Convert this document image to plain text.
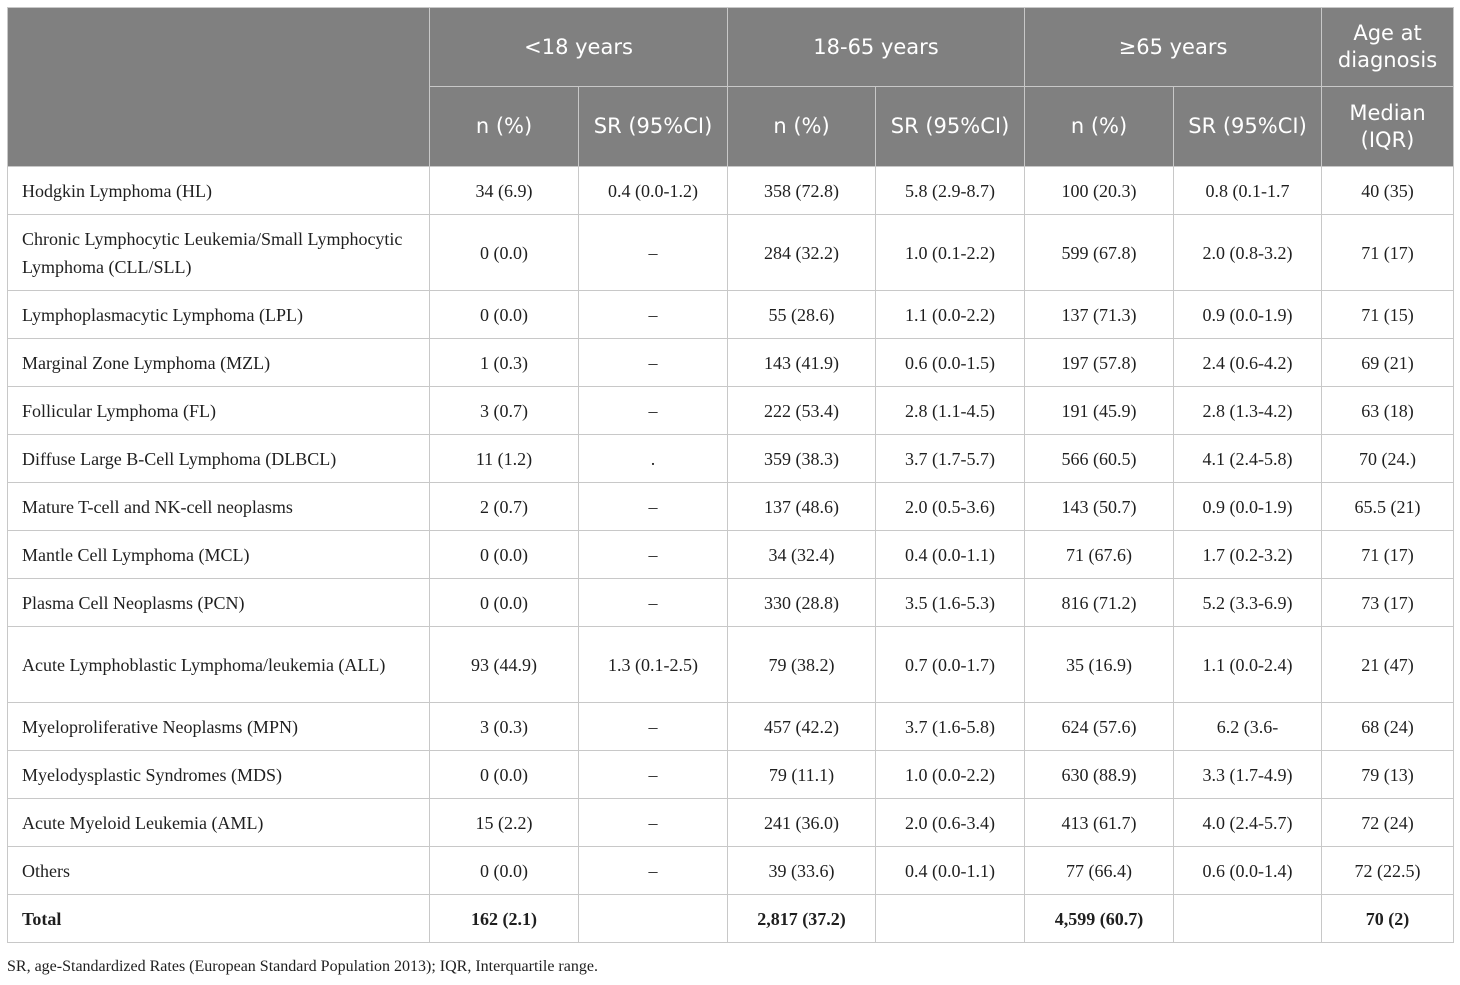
	<18 years		18-65 years		≥65 years		Age at diagnosis
	n (%)	SR (95%CI)	n (%)	SR (95%CI)	n (%)	SR (95%CI)	Median (IQR)
Hodgkin Lymphoma (HL)	34 (6.9)	0.4 (0.0-1.2)	358 (72.8)	5.8 (2.9-8.7)	100 (20.3)	0.8 (0.1-1.7	40 (35)
Chronic Lymphocytic Leukemia/Small Lymphocytic Lymphoma (CLL/SLL)	0 (0.0)	–	284 (32.2)	1.0 (0.1-2.2)	599 (67.8)	2.0 (0.8-3.2)	71 (17)
Lymphoplasmacytic Lymphoma (LPL)	0 (0.0)	–	55 (28.6)	1.1 (0.0-2.2)	137 (71.3)	0.9 (0.0-1.9)	71 (15)
Marginal Zone Lymphoma (MZL)	1 (0.3)	–	143 (41.9)	0.6 (0.0-1.5)	197 (57.8)	2.4 (0.6-4.2)	69 (21)
Follicular Lymphoma (FL)	3 (0.7)	–	222 (53.4)	2.8 (1.1-4.5)	191 (45.9)	2.8 (1.3-4.2)	63 (18)
Diffuse Large B-Cell Lymphoma (DLBCL)	11 (1.2)	.	359 (38.3)	3.7 (1.7-5.7)	566 (60.5)	4.1 (2.4-5.8)	70 (24.)
Mature T-cell and NK-cell neoplasms	2 (0.7)	–	137 (48.6)	2.0 (0.5-3.6)	143 (50.7)	0.9 (0.0-1.9)	65.5 (21)
Mantle Cell Lymphoma (MCL)	0 (0.0)	–	34 (32.4)	0.4 (0.0-1.1)	71 (67.6)	1.7 (0.2-3.2)	71 (17)
Plasma Cell Neoplasms (PCN)	0 (0.0)	–	330 (28.8)	3.5 (1.6-5.3)	816 (71.2)	5.2 (3.3-6.9)	73 (17)
Acute Lymphoblastic Lymphoma/leukemia (ALL)	93 (44.9)	1.3 (0.1-2.5)	79 (38.2)	0.7 (0.0-1.7)	35 (16.9)	1.1 (0.0-2.4)	21 (47)
Myeloproliferative Neoplasms (MPN)	3 (0.3)	–	457 (42.2)	3.7 (1.6-5.8)	624 (57.6)	6.2 (3.6-	68 (24)
Myelodysplastic Syndromes (MDS)	0 (0.0)	–	79 (11.1)	1.0 (0.0-2.2)	630 (88.9)	3.3 (1.7-4.9)	79 (13)
Acute Myeloid Leukemia (AML)	15 (2.2)	–	241 (36.0)	2.0 (0.6-3.4)	413 (61.7)	4.0 (2.4-5.7)	72 (24)
Others	0 (0.0)	–	39 (33.6)	0.4 (0.0-1.1)	77 (66.4)	0.6 (0.0-1.4)	72 (22.5)
Total	162 (2.1)		2,817 (37.2)		4,599 (60.7)		70 (2)
SR, age-Standardized Rates (European Standard Population 2013); IQR, Interquartile range.
